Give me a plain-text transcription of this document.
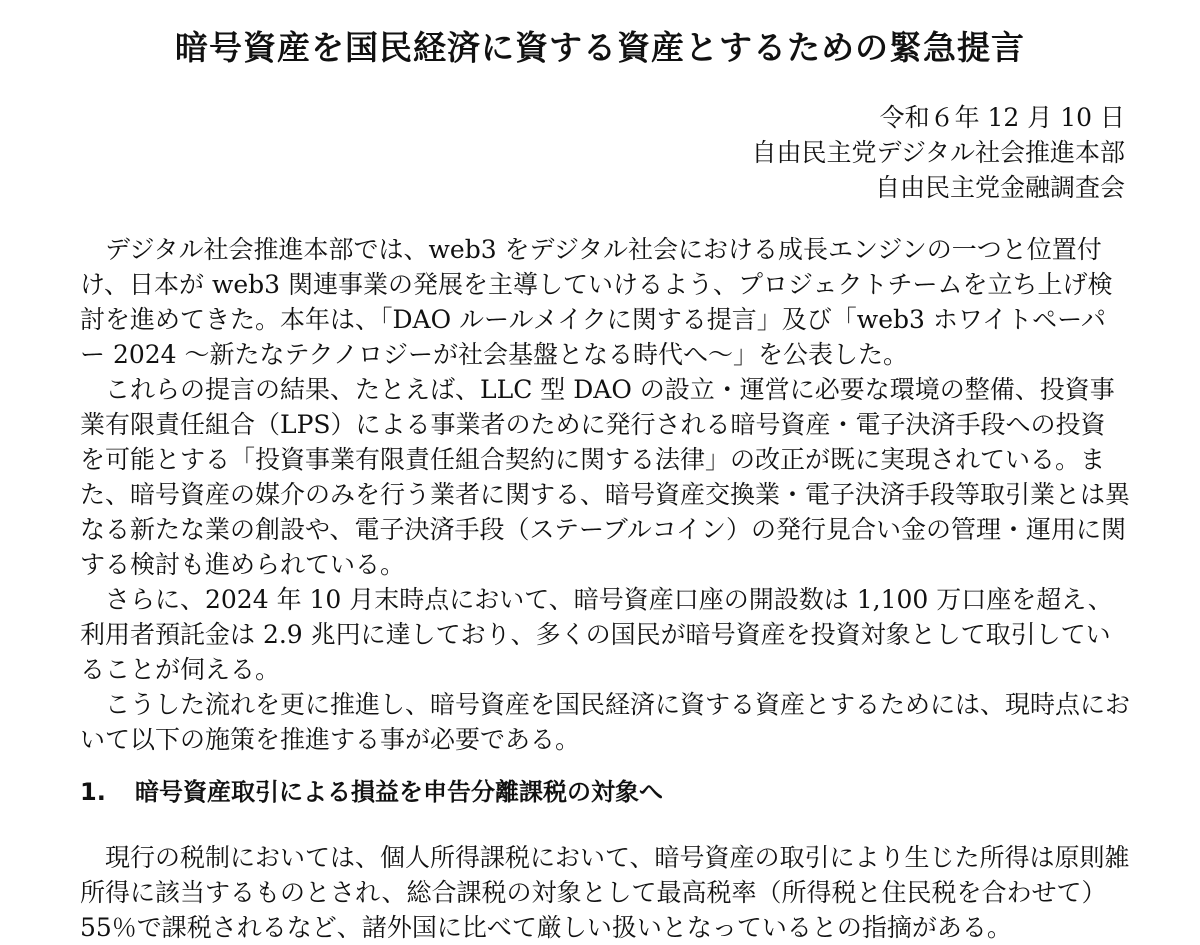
暗号資産を国民経済に資する資産とするための緊急提言
令和６年 12 月 10 日
自由民主党デジタル社会推進本部
自由民主党金融調査会

デジタル社会推進本部では、web3 をデジタル社会における成長エンジンの一つと位置付け、日本が web3 関連事業の発展を主導していけるよう、プロジェクトチームを立ち上げ検討を進めてきた。本年は、「DAO ルールメイクに関する提言」及び「web3 ホワイトペーパー 2024 ～新たなテクノロジーが社会基盤となる時代へ～」を公表した。

これらの提言の結果、たとえば、LLC 型 DAO の設立・運営に必要な環境の整備、投資事業有限責任組合（LPS）による事業者のために発行される暗号資産・電子決済手段への投資を可能とする「投資事業有限責任組合契約に関する法律」の改正が既に実現されている。また、暗号資産の媒介のみを行う業者に関する、暗号資産交換業・電子決済手段等取引業とは異なる新たな業の創設や、電子決済手段（ステーブルコイン）の発行見合い金の管理・運用に関する検討も進められている。

さらに、2024 年 10 月末時点において、暗号資産口座の開設数は 1,100 万口座を超え、利用者預託金は 2.9 兆円に達しており、多くの国民が暗号資産を投資対象として取引していることが伺える。

こうした流れを更に推進し、暗号資産を国民経済に資する資産とするためには、現時点において以下の施策を推進する事が必要である。

1. 暗号資産取引による損益を申告分離課税の対象へ

現行の税制においては、個人所得課税において、暗号資産の取引により生じた所得は原則雑所得に該当するものとされ、総合課税の対象として最高税率（所得税と住民税を合わせて）55％で課税されるなど、諸外国に比べて厳しい扱いとなっているとの指摘がある。
